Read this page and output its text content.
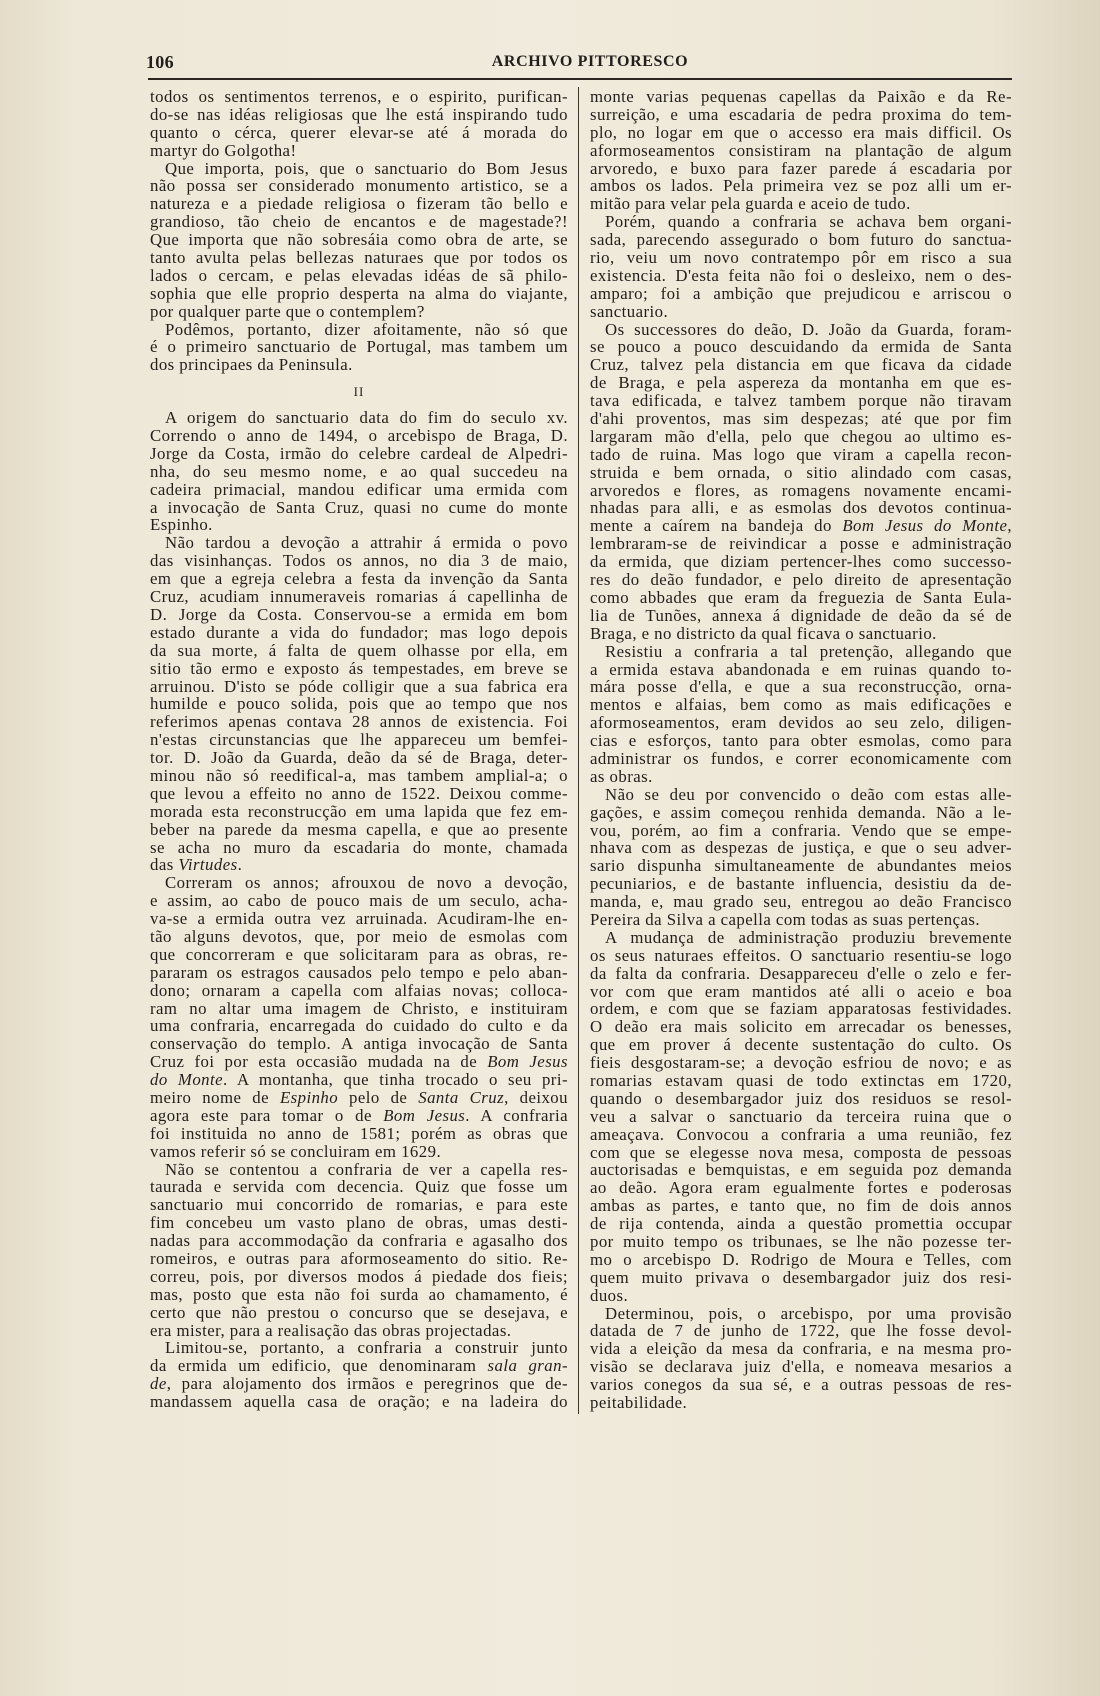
106	ARCHIVO PITTORESCO
todos os sentimentos terrenos, e o espirito, purifican-
do-se nas idéas religiosas que lhe está inspirando tudo
quanto o cérca, querer elevar-se até á morada do
martyr do Golgotha!
Que importa, pois, que o sanctuario do Bom Jesus
não possa ser considerado monumento artistico, se a
natureza e a piedade religiosa o fizeram tão bello e
grandioso, tão cheio de encantos e de magestade?!
Que importa que não sobresáia como obra de arte, se
tanto avulta pelas bellezas naturaes que por todos os
lados o cercam, e pelas elevadas idéas de sã philo-
sophia que elle proprio desperta na alma do viajante,
por qualquer parte que o contemplem?
Podêmos, portanto, dizer afoitamente, não só que
é o primeiro sanctuario de Portugal, mas tambem um
dos principaes da Peninsula.
II
A origem do sanctuario data do fim do seculo xv.
Correndo o anno de 1494, o arcebispo de Braga, D.
Jorge da Costa, irmão do celebre cardeal de Alpedri-
nha, do seu mesmo nome, e ao qual succedeu na
cadeira primacial, mandou edificar uma ermida com
a invocação de Santa Cruz, quasi no cume do monte
Espinho.
Não tardou a devoção a attrahir á ermida o povo
das visinhanças. Todos os annos, no dia 3 de maio,
em que a egreja celebra a festa da invenção da Santa
Cruz, acudiam innumeraveis romarias á capellinha de
D. Jorge da Costa. Conservou-se a ermida em bom
estado durante a vida do fundador; mas logo depois
da sua morte, á falta de quem olhasse por ella, em
sitio tão ermo e exposto ás tempestades, em breve se
arruinou. D'isto se póde colligir que a sua fabrica era
humilde e pouco solida, pois que ao tempo que nos
referimos apenas contava 28 annos de existencia. Foi
n'estas circunstancias que lhe appareceu um bemfei-
tor. D. João da Guarda, deão da sé de Braga, deter-
minou não só reedifical-a, mas tambem amplial-a; o
que levou a effeito no anno de 1522. Deixou comme-
morada esta reconstrucção em uma lapida que fez em-
beber na parede da mesma capella, e que ao presente
se acha no muro da escadaria do monte, chamada
das Virtudes.
Correram os annos; afrouxou de novo a devoção,
e assim, ao cabo de pouco mais de um seculo, acha-
va-se a ermida outra vez arruinada. Acudiram-lhe en-
tão alguns devotos, que, por meio de esmolas com
que concorreram e que solicitaram para as obras, re-
pararam os estragos causados pelo tempo e pelo aban-
dono; ornaram a capella com alfaias novas; colloca-
ram no altar uma imagem de Christo, e instituiram
uma confraria, encarregada do cuidado do culto e da
conservação do templo. A antiga invocação de Santa
Cruz foi por esta occasião mudada na de Bom Jesus
do Monte. A montanha, que tinha trocado o seu pri-
meiro nome de Espinho pelo de Santa Cruz, deixou
agora este para tomar o de Bom Jesus. A confraria
foi instituida no anno de 1581; porém as obras que
vamos referir só se concluiram em 1629.
Não se contentou a confraria de ver a capella res-
taurada e servida com decencia. Quiz que fosse um
sanctuario mui concorrido de romarias, e para este
fim concebeu um vasto plano de obras, umas desti-
nadas para accommodação da confraria e agasalho dos
romeiros, e outras para aformoseamento do sitio. Re-
correu, pois, por diversos modos á piedade dos fieis;
mas, posto que esta não foi surda ao chamamento, é
certo que não prestou o concurso que se desejava, e
era mister, para a realisação das obras projectadas.
Limitou-se, portanto, a confraria a construir junto
da ermida um edificio, que denominaram sala gran-
de, para alojamento dos irmãos e peregrinos que de-
mandassem aquella casa de oração; e na ladeira do
monte varias pequenas capellas da Paixão e da Re-
surreição, e uma escadaria de pedra proxima do tem-
plo, no logar em que o accesso era mais difficil. Os
aformoseamentos consistiram na plantação de algum
arvoredo, e buxo para fazer parede á escadaria por
ambos os lados. Pela primeira vez se poz alli um er-
mitão para velar pela guarda e aceio de tudo.
Porém, quando a confraria se achava bem organi-
sada, parecendo assegurado o bom futuro do sanctua-
rio, veiu um novo contratempo pôr em risco a sua
existencia. D'esta feita não foi o desleixo, nem o des-
amparo; foi a ambição que prejudicou e arriscou o
sanctuario.
Os successores do deão, D. João da Guarda, foram-
se pouco a pouco descuidando da ermida de Santa
Cruz, talvez pela distancia em que ficava da cidade
de Braga, e pela aspereza da montanha em que es-
tava edificada, e talvez tambem porque não tiravam
d'ahi proventos, mas sim despezas; até que por fim
largaram mão d'ella, pelo que chegou ao ultimo es-
tado de ruina. Mas logo que viram a capella recon-
struida e bem ornada, o sitio alindado com casas,
arvoredos e flores, as romagens novamente encami-
nhadas para alli, e as esmolas dos devotos continua-
mente a caírem na bandeja do Bom Jesus do Monte,
lembraram-se de reivindicar a posse e administração
da ermida, que diziam pertencer-lhes como successo-
res do deão fundador, e pelo direito de apresentação
como abbades que eram da freguezia de Santa Eula-
lia de Tunões, annexa á dignidade de deão da sé de
Braga, e no districto da qual ficava o sanctuario.
Resistiu a confraria a tal pretenção, allegando que
a ermida estava abandonada e em ruinas quando to-
mára posse d'ella, e que a sua reconstrucção, orna-
mentos e alfaias, bem como as mais edificações e
aformoseamentos, eram devidos ao seu zelo, diligen-
cias e esforços, tanto para obter esmolas, como para
administrar os fundos, e correr economicamente com
as obras.
Não se deu por convencido o deão com estas alle-
gações, e assim começou renhida demanda. Não a le-
vou, porém, ao fim a confraria. Vendo que se empe-
nhava com as despezas de justiça, e que o seu adver-
sario dispunha simultaneamente de abundantes meios
pecuniarios, e de bastante influencia, desistiu da de-
manda, e, mau grado seu, entregou ao deão Francisco
Pereira da Silva a capella com todas as suas pertenças.
A mudança de administração produziu brevemente
os seus naturaes effeitos. O sanctuario resentiu-se logo
da falta da confraria. Desappareceu d'elle o zelo e fer-
vor com que eram mantidos até alli o aceio e boa
ordem, e com que se faziam apparatosas festividades.
O deão era mais solicito em arrecadar os benesses,
que em prover á decente sustentação do culto. Os
fieis desgostaram-se; a devoção esfriou de novo; e as
romarias estavam quasi de todo extinctas em 1720,
quando o desembargador juiz dos residuos se resol-
veu a salvar o sanctuario da terceira ruina que o
ameaçava. Convocou a confraria a uma reunião, fez
com que se elegesse nova mesa, composta de pessoas
auctorisadas e bemquistas, e em seguida poz demanda
ao deão. Agora eram egualmente fortes e poderosas
ambas as partes, e tanto que, no fim de dois annos
de rija contenda, ainda a questão promettia occupar
por muito tempo os tribunaes, se lhe não pozesse ter-
mo o arcebispo D. Rodrigo de Moura e Telles, com
quem muito privava o desembargador juiz dos resi-
duos.
Determinou, pois, o arcebispo, por uma provisão
datada de 7 de junho de 1722, que lhe fosse devol-
vida a eleição da mesa da confraria, e na mesma pro-
visão se declarava juiz d'ella, e nomeava mesarios a
varios conegos da sua sé, e a outras pessoas de res-
peitabilidade.
